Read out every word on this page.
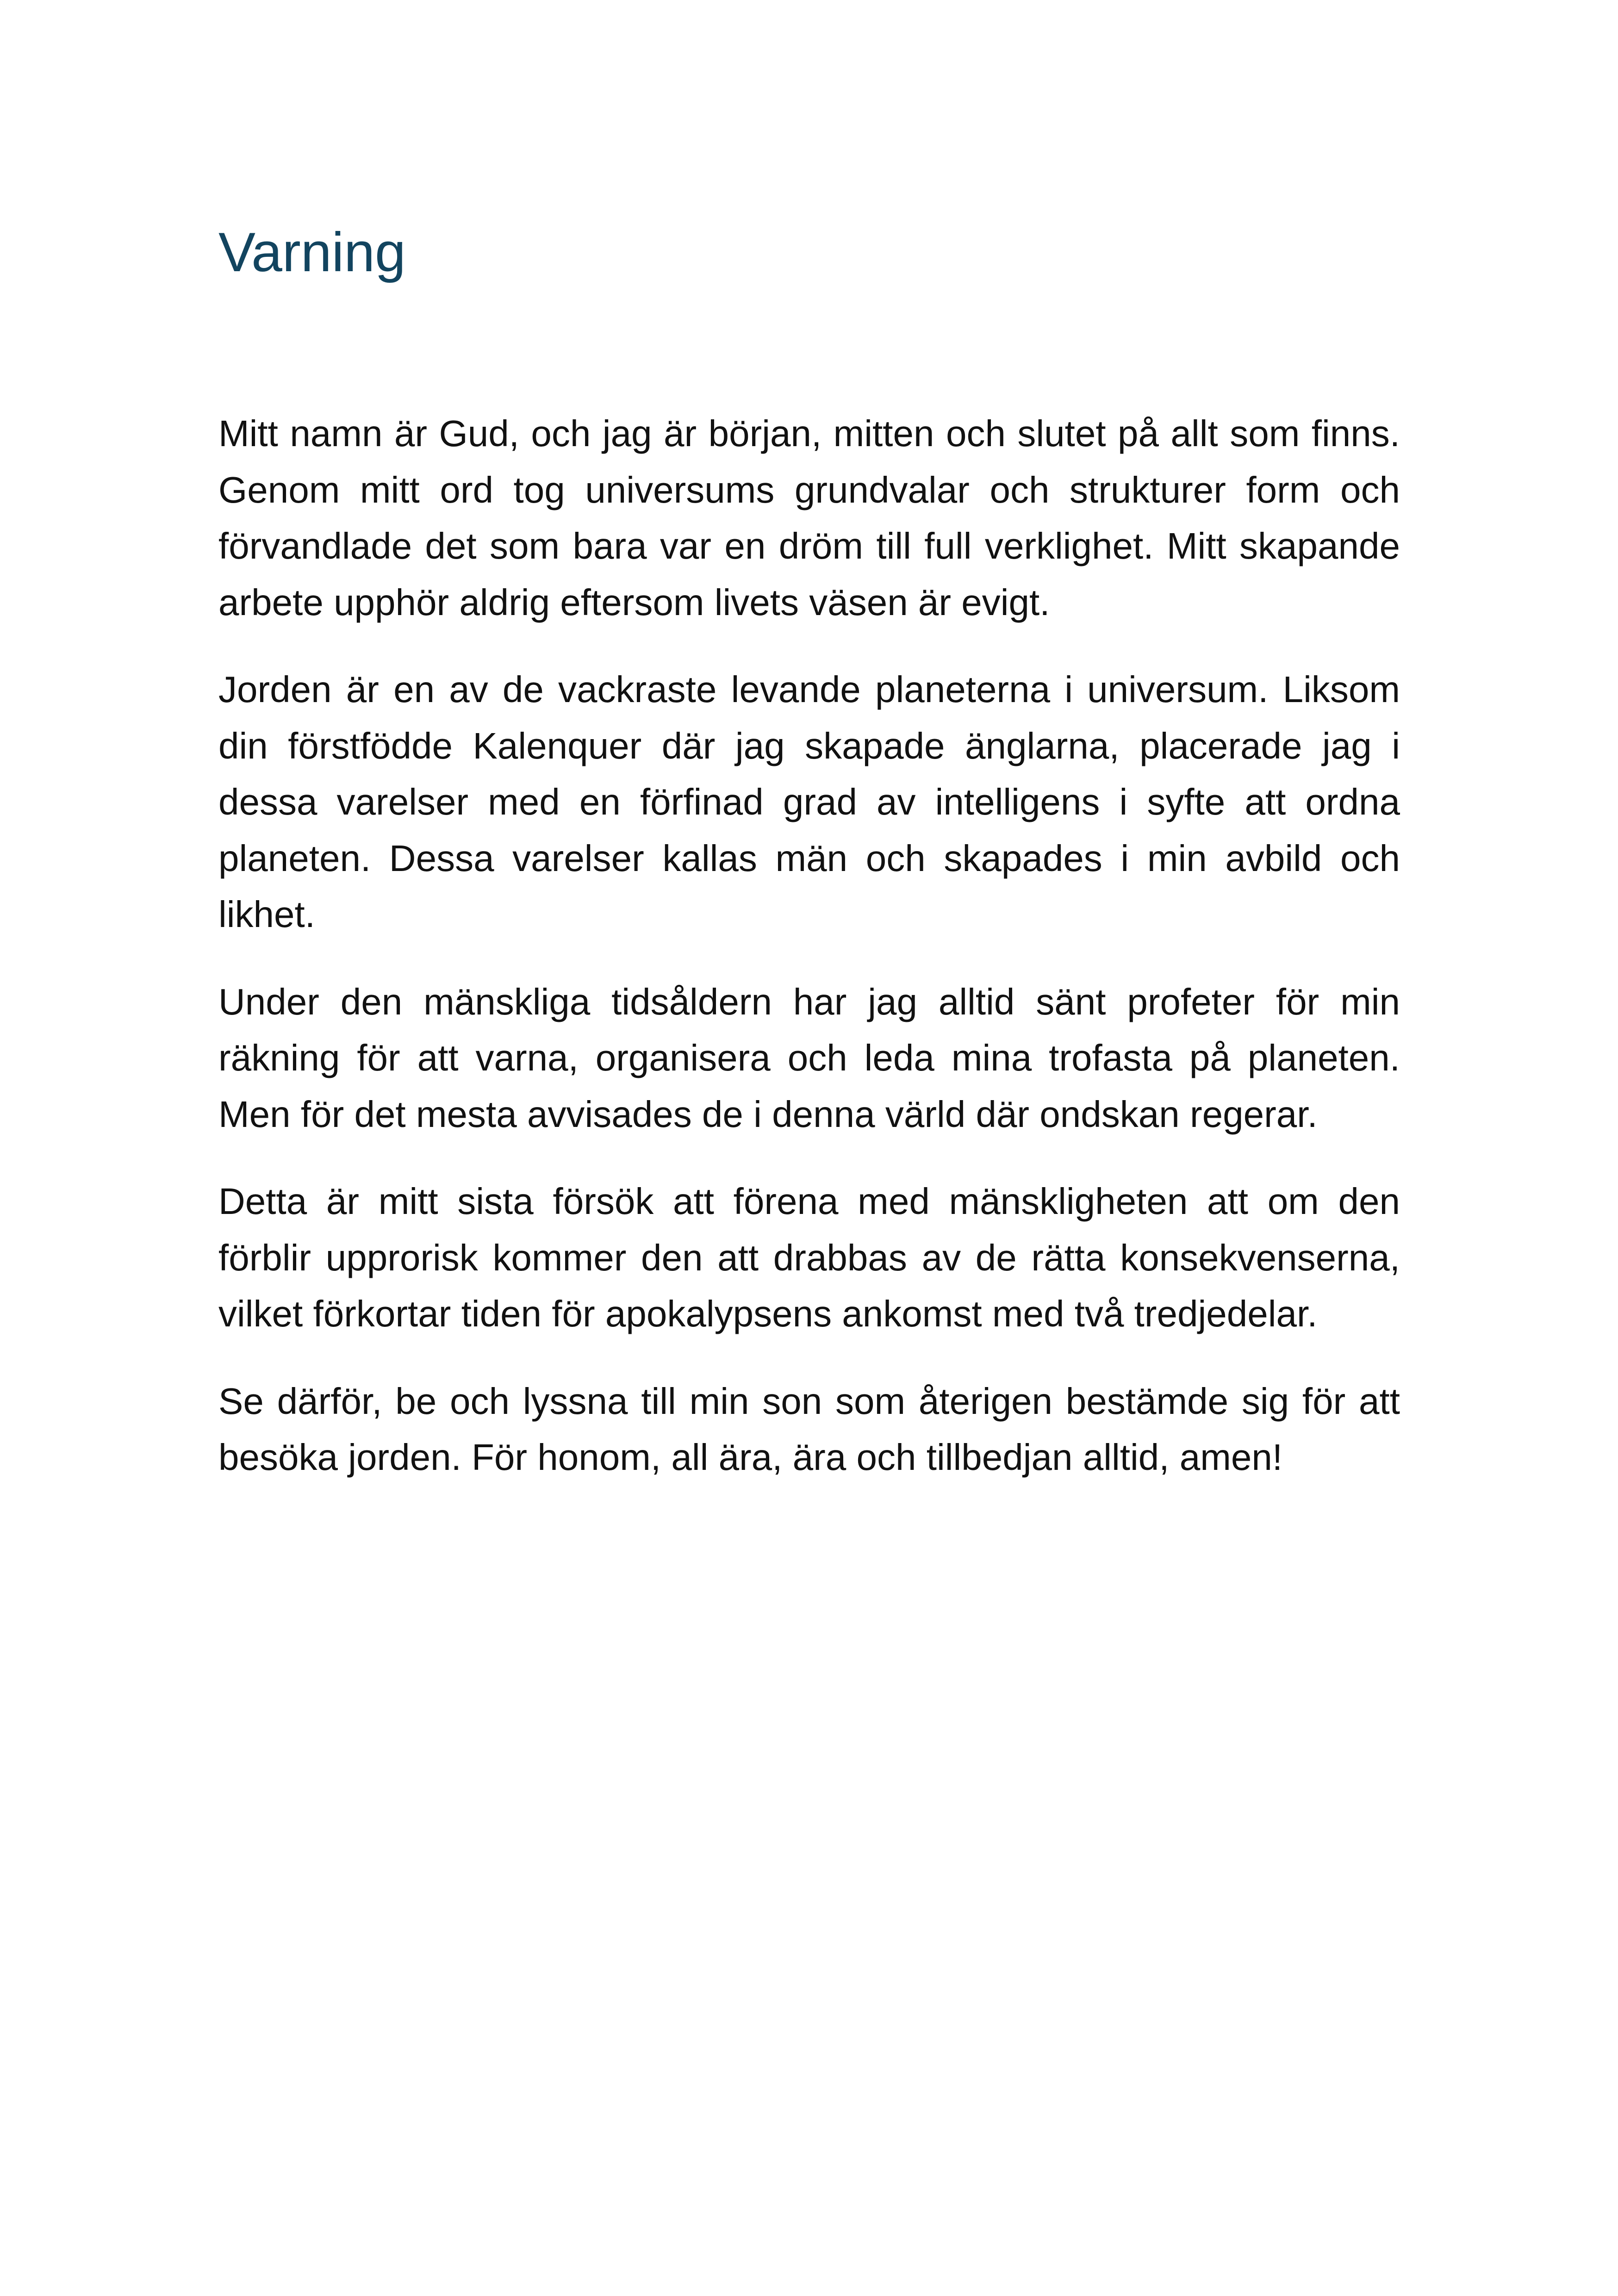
Varning

Mitt namn är Gud, och jag är början, mitten och slutet på allt som finns. Genom mitt ord tog universums grundvalar och strukturer form och förvandlade det som bara var en dröm till full verklighet. Mitt skapande arbete upphör aldrig eftersom livets väsen är evigt.

Jorden är en av de vackraste levande planeterna i universum. Liksom din förstfödde Kalenquer där jag skapade änglarna, placerade jag i dessa varelser med en förfinad grad av intelligens i syfte att ordna planeten. Dessa varelser kallas män och skapades i min avbild och likhet.

Under den mänskliga tidsåldern har jag alltid sänt profeter för min räkning för att varna, organisera och leda mina trofasta på planeten. Men för det mesta avvisades de i denna värld där ondskan regerar.

Detta är mitt sista försök att förena med mänskligheten att om den förblir upprorisk kommer den att drabbas av de rätta konsekvenserna, vilket förkortar tiden för apokalypsens ankomst med två tredjedelar.

Se därför, be och lyssna till min son som återigen bestämde sig för att besöka jorden. För honom, all ära, ära och tillbedjan alltid, amen!
